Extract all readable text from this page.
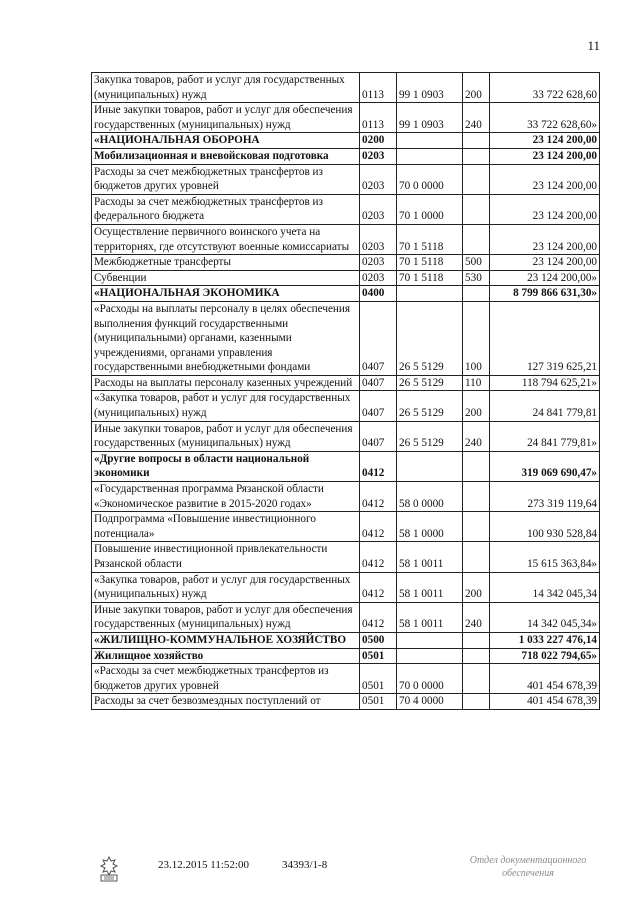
11
Закупка товаров, работ и услуг для государственных (муниципальных) нужд	0113	99 1 0903	200	33 722 628,60
Иные закупки товаров, работ и услуг для обеспечения государственных (муниципальных) нужд	0113	99 1 0903	240	33 722 628,60»
«НАЦИОНАЛЬНАЯ ОБОРОНА	0200			23 124 200,00
Мобилизационная и вневойсковая подготовка	0203			23 124 200,00
Расходы за счет межбюджетных трансфертов из бюджетов других уровней	0203	70 0 0000		23 124 200,00
Расходы за счет межбюджетных трансфертов из федерального бюджета	0203	70 1 0000		23 124 200,00
Осуществление первичного воинского учета на территориях, где отсутствуют военные комиссариаты	0203	70 1 5118		23 124 200,00
Межбюджетные трансферты	0203	70 1 5118	500	23 124 200,00
Субвенции	0203	70 1 5118	530	23 124 200,00»
«НАЦИОНАЛЬНАЯ ЭКОНОМИКА	0400			8 799 866 631,30»
«Расходы на выплаты персоналу в целях обеспечения выполнения функций государственными (муниципальными) органами, казенными учреждениями, органами управления государственными внебюджетными фондами	0407	26 5 5129	100	127 319 625,21
Расходы на выплаты персоналу казенных учреждений	0407	26 5 5129	110	118 794 625,21»
«Закупка товаров, работ и услуг для государственных (муниципальных) нужд	0407	26 5 5129	200	24 841 779,81
Иные закупки товаров, работ и услуг для обеспечения государственных (муниципальных) нужд	0407	26 5 5129	240	24 841 779,81»
«Другие вопросы в области национальной экономики	0412			319 069 690,47»
«Государственная программа Рязанской области «Экономическое развитие в 2015-2020 годах»	0412	58 0 0000		273 319 119,64
Подпрограмма «Повышение инвестиционного потенциала»	0412	58 1 0000		100 930 528,84
Повышение инвестиционной привлекательности Рязанской области	0412	58 1 0011		15 615 363,84»
«Закупка товаров, работ и услуг для государственных (муниципальных) нужд	0412	58 1 0011	200	14 342 045,34
Иные закупки товаров, работ и услуг для обеспечения государственных (муниципальных) нужд	0412	58 1 0011	240	14 342 045,34»
«ЖИЛИЩНО-КОММУНАЛЬНОЕ ХОЗЯЙСТВО	0500			1 033 227 476,14
Жилищное хозяйство	0501			718 022 794,65»
«Расходы за счет межбюджетных трансфертов из бюджетов других уровней	0501	70 0 0000		401 454 678,39
Расходы за счет безвозмездных поступлений от	0501	70 4 0000		401 454 678,39
23.12.2015 11:52:00	34393/1-8	Отдел документационного обеспечения
